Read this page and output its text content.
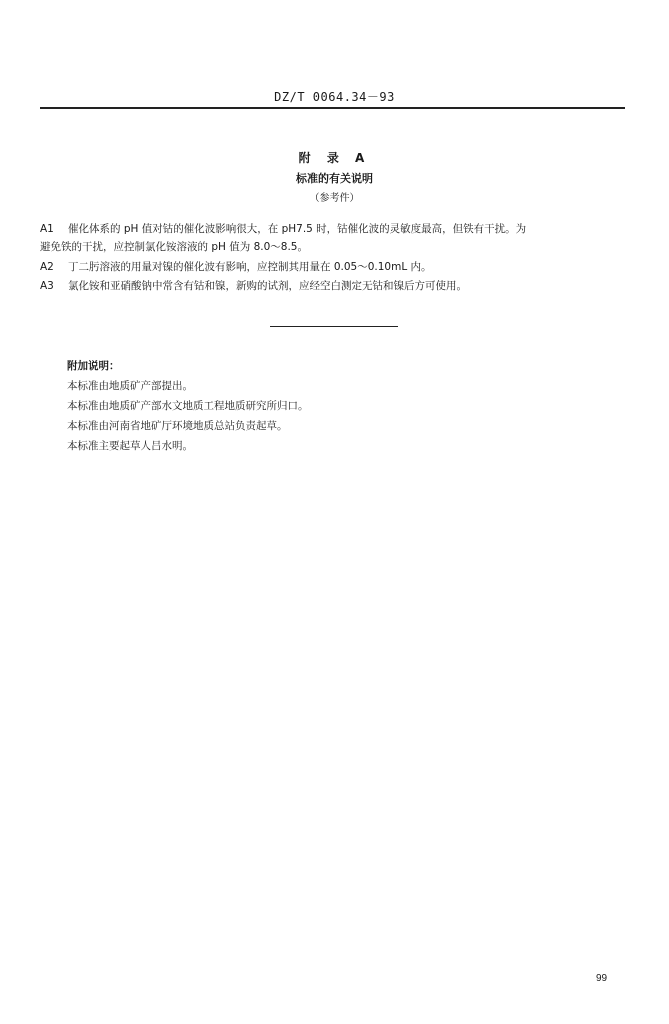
DZ/T 0064.34－93
附 录 A
标准的有关说明
（参考件）
A1 催化体系的 pH 值对钴的催化波影响很大，在 pH7.5 时，钴催化波的灵敏度最高，但铁有干扰。为
避免铁的干扰，应控制氯化铵溶液的 pH 值为 8.0～8.5。
A2 丁二肟溶液的用量对镍的催化波有影响，应控制其用量在 0.05～0.10mL 内。
A3 氯化铵和亚硝酸钠中常含有钴和镍，新购的试剂，应经空白测定无钴和镍后方可使用。
附加说明：
本标准由地质矿产部提出。
本标准由地质矿产部水文地质工程地质研究所归口。
本标准由河南省地矿厅环境地质总站负责起草。
本标准主要起草人吕水明。
99
